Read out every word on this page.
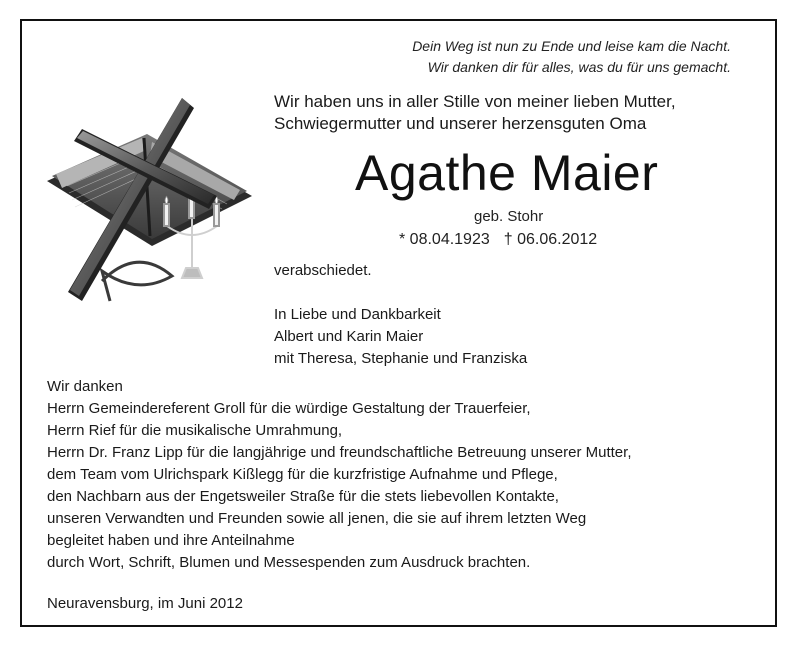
Dein Weg ist nun zu Ende und leise kam die Nacht.
Wir danken dir für alles, was du für uns gemacht.
Wir haben uns in aller Stille von meiner lieben Mutter,
Schwiegermutter und unserer herzensguten Oma
Agathe Maier
geb. Stohr
* 08.04.1923 † 06.06.2012
verabschiedet.
In Liebe und Dankbarkeit
Albert und Karin Maier
mit Theresa, Stephanie und Franziska
Wir danken
Herrn Gemeindereferent Groll für die würdige Gestaltung der Trauerfeier,
Herrn Rief für die musikalische Umrahmung,
Herrn Dr. Franz Lipp für die langjährige und freundschaftliche Betreuung unserer Mutter,
dem Team vom Ulrichspark Kißlegg für die kurzfristige Aufnahme und Pflege,
den Nachbarn aus der Engetsweiler Straße für die stets liebevollen Kontakte,
unseren Verwandten und Freunden sowie all jenen, die sie auf ihrem letzten Weg
begleitet haben und ihre Anteilnahme
durch Wort, Schrift, Blumen und Messespenden zum Ausdruck brachten.
Neuravensburg, im Juni 2012
